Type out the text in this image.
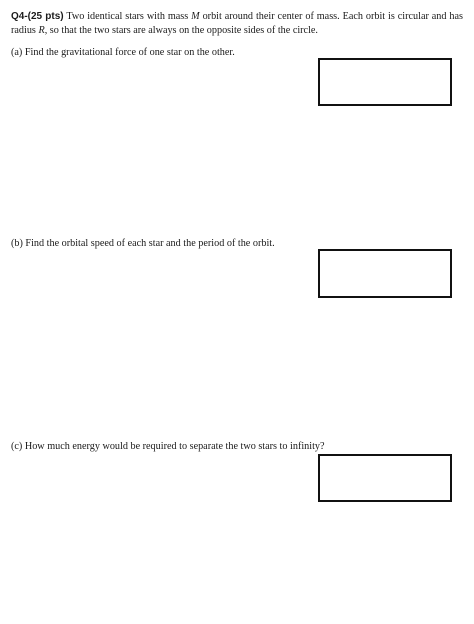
Q4-(25 pts) Two identical stars with mass M orbit around their center of mass. Each orbit is circular and has radius R, so that the two stars are always on the opposite sides of the circle.
(a) Find the gravitational force of one star on the other.
(b) Find the orbital speed of each star and the period of the orbit.
(c) How much energy would be required to separate the two stars to infinity?
